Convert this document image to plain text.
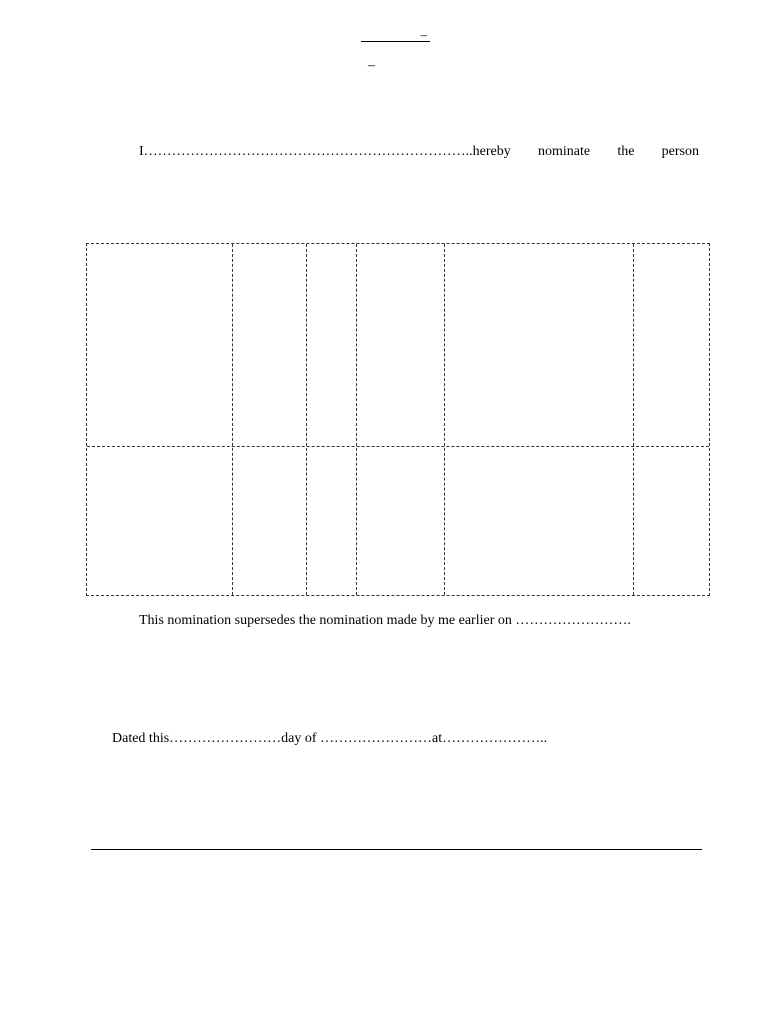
–
–
I……………………………………………………………..hereby nominate the person
This nomination supersedes the nomination made by me earlier on …………………….
Dated this……………………day of ……………………at…………………..
